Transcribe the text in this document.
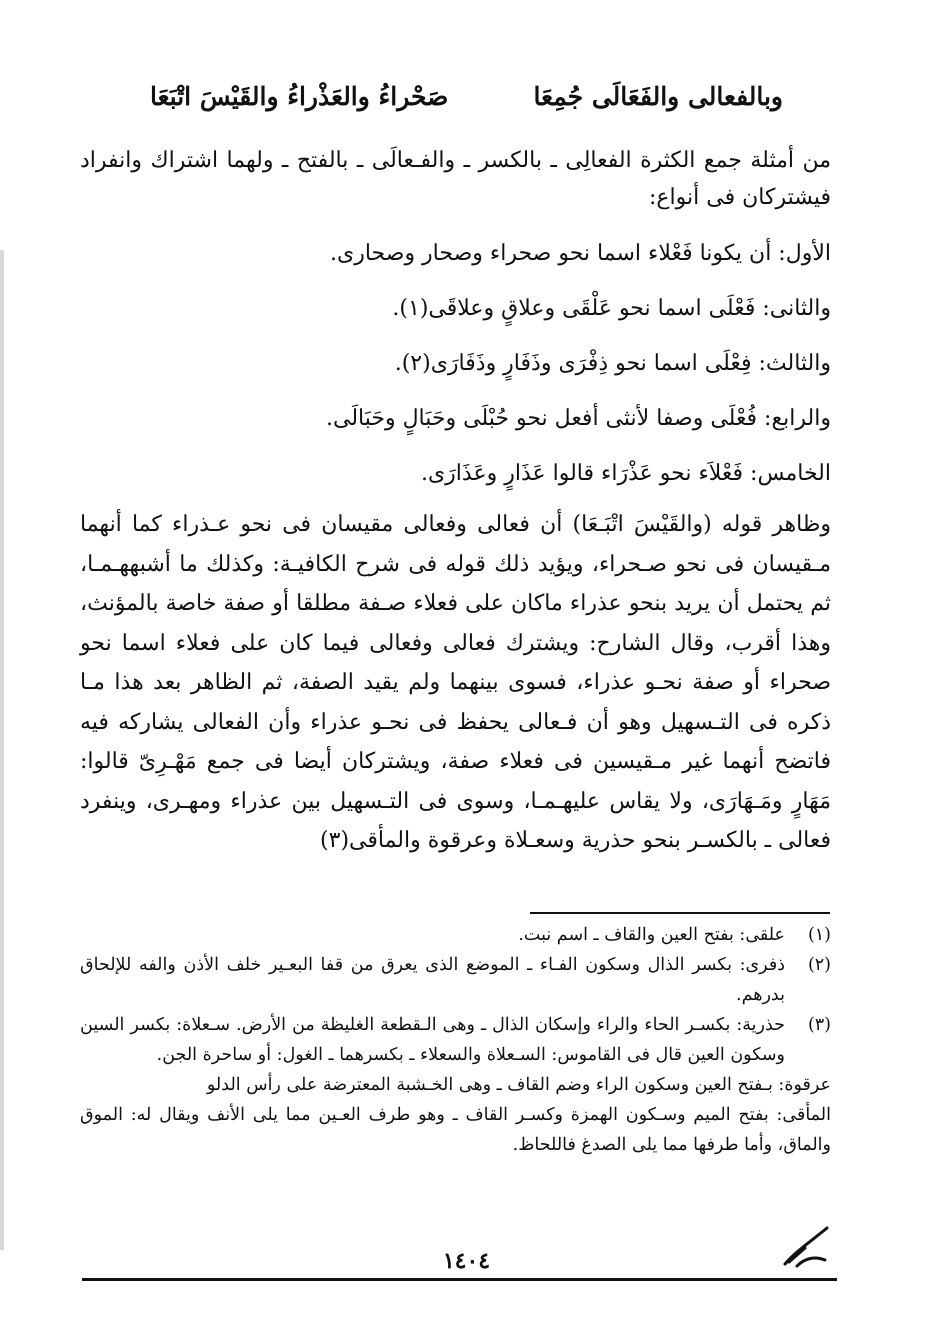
وبالفعالى والفَعَالَى جُمِعَا
صَحْراءُ والعَذْراءُ والقَيْسَ اتْبَعَا
من أمثلة جمع الكثرة الفعالِى ـ بالكسر ـ والفـعالَى ـ بالفتح ـ ولهما اشتراك وانفراد فيشتركان فى أنواع:
الأول: أن يكونا فَعْلاء اسما نحو صحراء وصحار وصحارى.
والثانى: فَعْلَى اسما نحو عَلْقَى وعلاقٍ وعلاقَى(١).
والثالث: فِعْلَى اسما نحو ذِفْرَى وذَفَارٍ وذَفَارَى(٢).
والرابع: فُعْلَى وصفا لأنثى أفعل نحو حُبْلَى وحَبَالٍ وحَبَالَى.
الخامس: فَعْلاَء نحو عَذْرَاء قالوا عَذَارٍ وعَذَارَى.
وظاهر قوله (والقَيْسَ اتْبَـعَا) أن فعالى وفعالى مقيسان فى نحو عـذراء كما أنهما مـقيسان فى نحو صـحراء، ويؤيد ذلك قوله فى شرح الكافيـة: وكذلك ما أشبههـمـا، ثم يحتمل أن يريد بنحو عذراء ماكان على فعلاء صـفة مطلقا أو صفة خاصة بالمؤنث، وهذا أقرب، وقال الشارح: ويشترك فعالى وفعالى فيما كان على فعلاء اسما نحو صحراء أو صفة نحـو عذراء، فسوى بينهما ولم يقيد الصفة، ثم الظاهر بعد هذا مـا ذكره فى التـسهيل وهو أن فـعالى يحفظ فى نحـو عذراء وأن الفعالى يشاركه فيه فاتضح أنهما غير مـقيسين فى فعلاء صفة، ويشتركان أيضا فى جمع مَهْـرِىّ قالوا: مَهَارٍ ومَـهَارَى، ولا يقاس عليهـمـا، وسوى فى التـسهيل بين عذراء ومهـرى، وينفرد فعالى ـ بالكسـر بنحو حذرية وسعـلاة وعرقوة والمأقى(٣)
(١)
علقى: بفتح العين والقاف ـ اسم نبت.
(٢)
ذفرى: بكسر الذال وسكون الفـاء ـ الموضع الذى يعرق من قفا البعـير خلف الأذن والفه للإلحاق بدرهم.
(٣)
حذرية: بكسـر الحاء والراء وإسكان الذال ـ وهى الـقطعة الغليظة من الأرض. سـعلاة: بكسر السين وسكون العين قال فى القاموس: السـعلاة والسعلاء ـ بكسرهما ـ الغول: أو ساحرة الجن.
عرقوة: بـفتح العين وسكون الراء وضم القاف ـ وهى الخـشبة المعترضة على رأس الدلو
المأقى: بفتح الميم وسـكون الهمزة وكسـر القاف ـ وهو طرف العـين مما يلى الأنف ويقال له: الموق والماق، وأما طرفها مما يلى الصدغ فاللحاظ.
١٤٠٤
